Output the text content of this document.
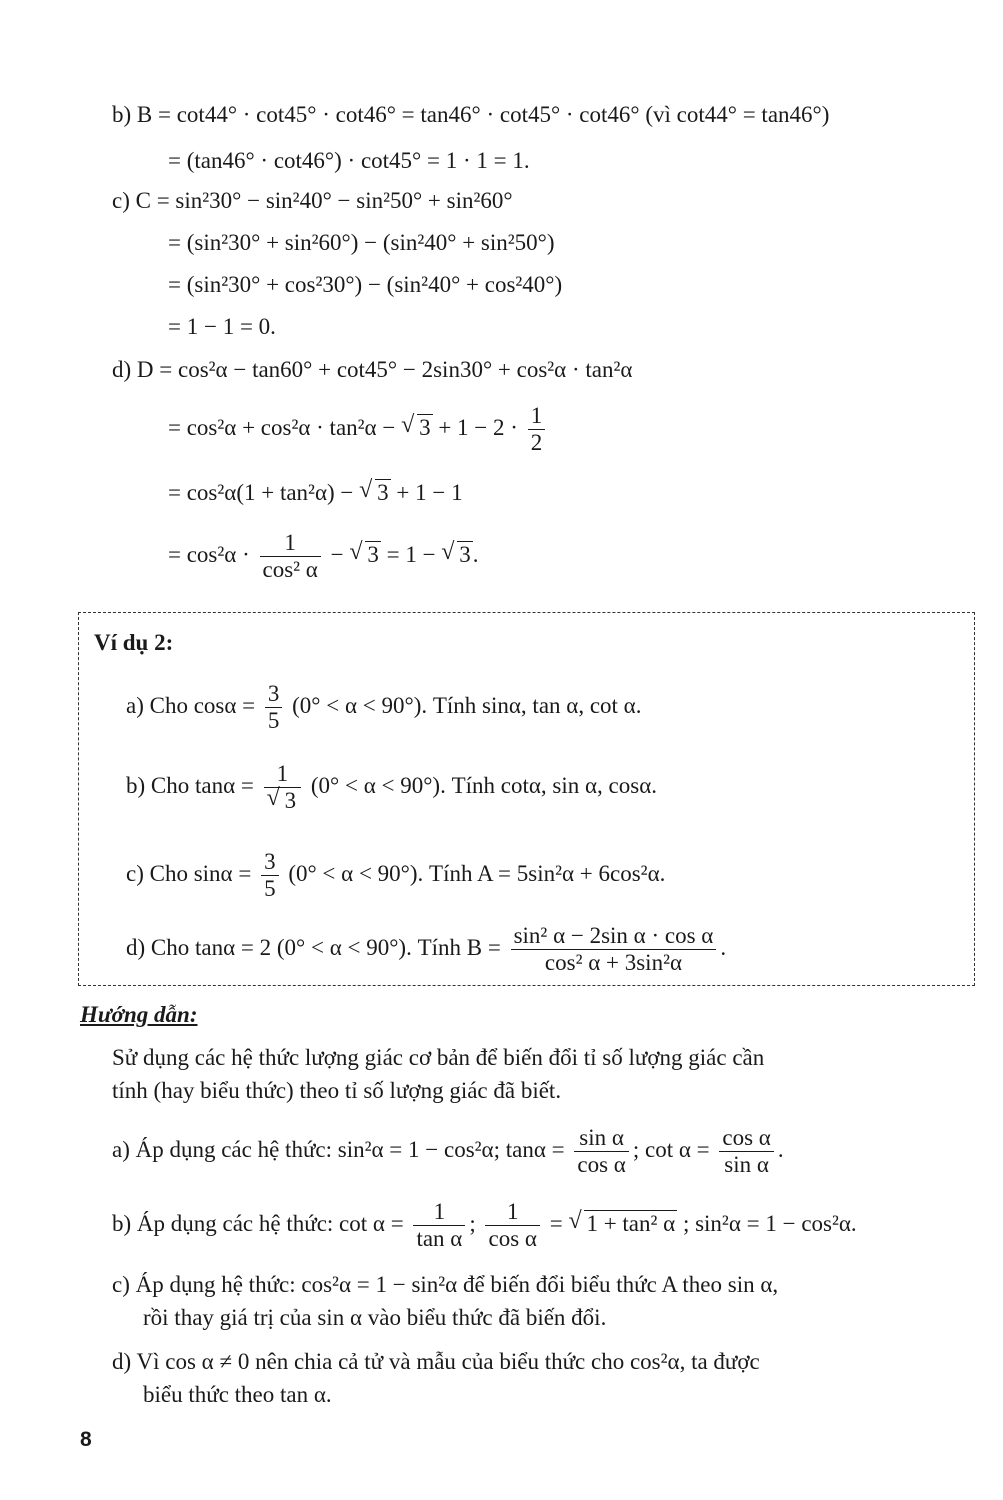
b) B = cot44° · cot45° · cot46° = tan46° · cot45° · cot46° (vì cot44° = tan46°)
= (tan46° · cot46°) · cot45° = 1 · 1 = 1.
c) C = sin²30° − sin²40° − sin²50° + sin²60°
= (sin²30° + sin²60°) − (sin²40° + sin²50°)
= (sin²30° + cos²30°) − (sin²40° + cos²40°)
= 1 − 1 = 0.
d) D = cos²α − tan60° + cot45° − 2sin30° + cos²α · tan²α
= cos²α + cos²α · tan²α − √ $3 + 1 - 2 \cdot \frac{1}{2}$
= cos²α(1 + tan²α) − √ 3 + 1 − 1
= $\cos^2\alpha \cdot \frac{1}{\text{cos² α}}$ − √ 3 = 1 − √ 3.
Ví dụ 2:
a) Cho $\cos\alpha = \frac{3}{5} (0^\circ < \alpha < 90^\circ)$. Tính sinα, tan α, cot α.
b) Cho $\tan\alpha = \frac{1}{√ 3} (0^\circ < \alpha < 90^\circ)$. Tính cotα, sin α, cosα.
c) Cho $\sin\alpha = \frac{3}{5} (0^\circ < \alpha < 90^\circ)$. Tính A = 5sin²α + 6cos²α.
d) Cho tanα = 2 (0° < α < 90°). Tính $B = \frac{\text{sin² α − 2sin α · cos α}}{\text{cos² α + 3sin²α}}$ .
Hướng dẫn:
Sử dụng các hệ thức lượng giác cơ bản để biến đổi tỉ số lượng giác cần
tính (hay biểu thức) theo tỉ số lượng giác đã biết.
a) Áp dụng các hệ thức: sin²α = 1 − cos²α; $\tan\alpha = \frac{\text{sin α}}{\text{cos α}}$ ; $\cot \alpha = \frac{\text{cos α}}{\text{sin α}}$ .
b) Áp dụng các hệ thức: $\cot \alpha = \frac{1}{\text{tan α}}$ ; $\frac{1}{\text{cos α}}$ = √ 1 + tan² α ; sin²α = 1 − cos²α.
c) Áp dụng hệ thức: cos²α = 1 − sin²α để biến đổi biểu thức A theo sin α,
rồi thay giá trị của sin α vào biểu thức đã biến đổi.
d) Vì cos α ≠ 0 nên chia cả tử và mẫu của biểu thức cho cos²α, ta được
biểu thức theo tan α.
8
